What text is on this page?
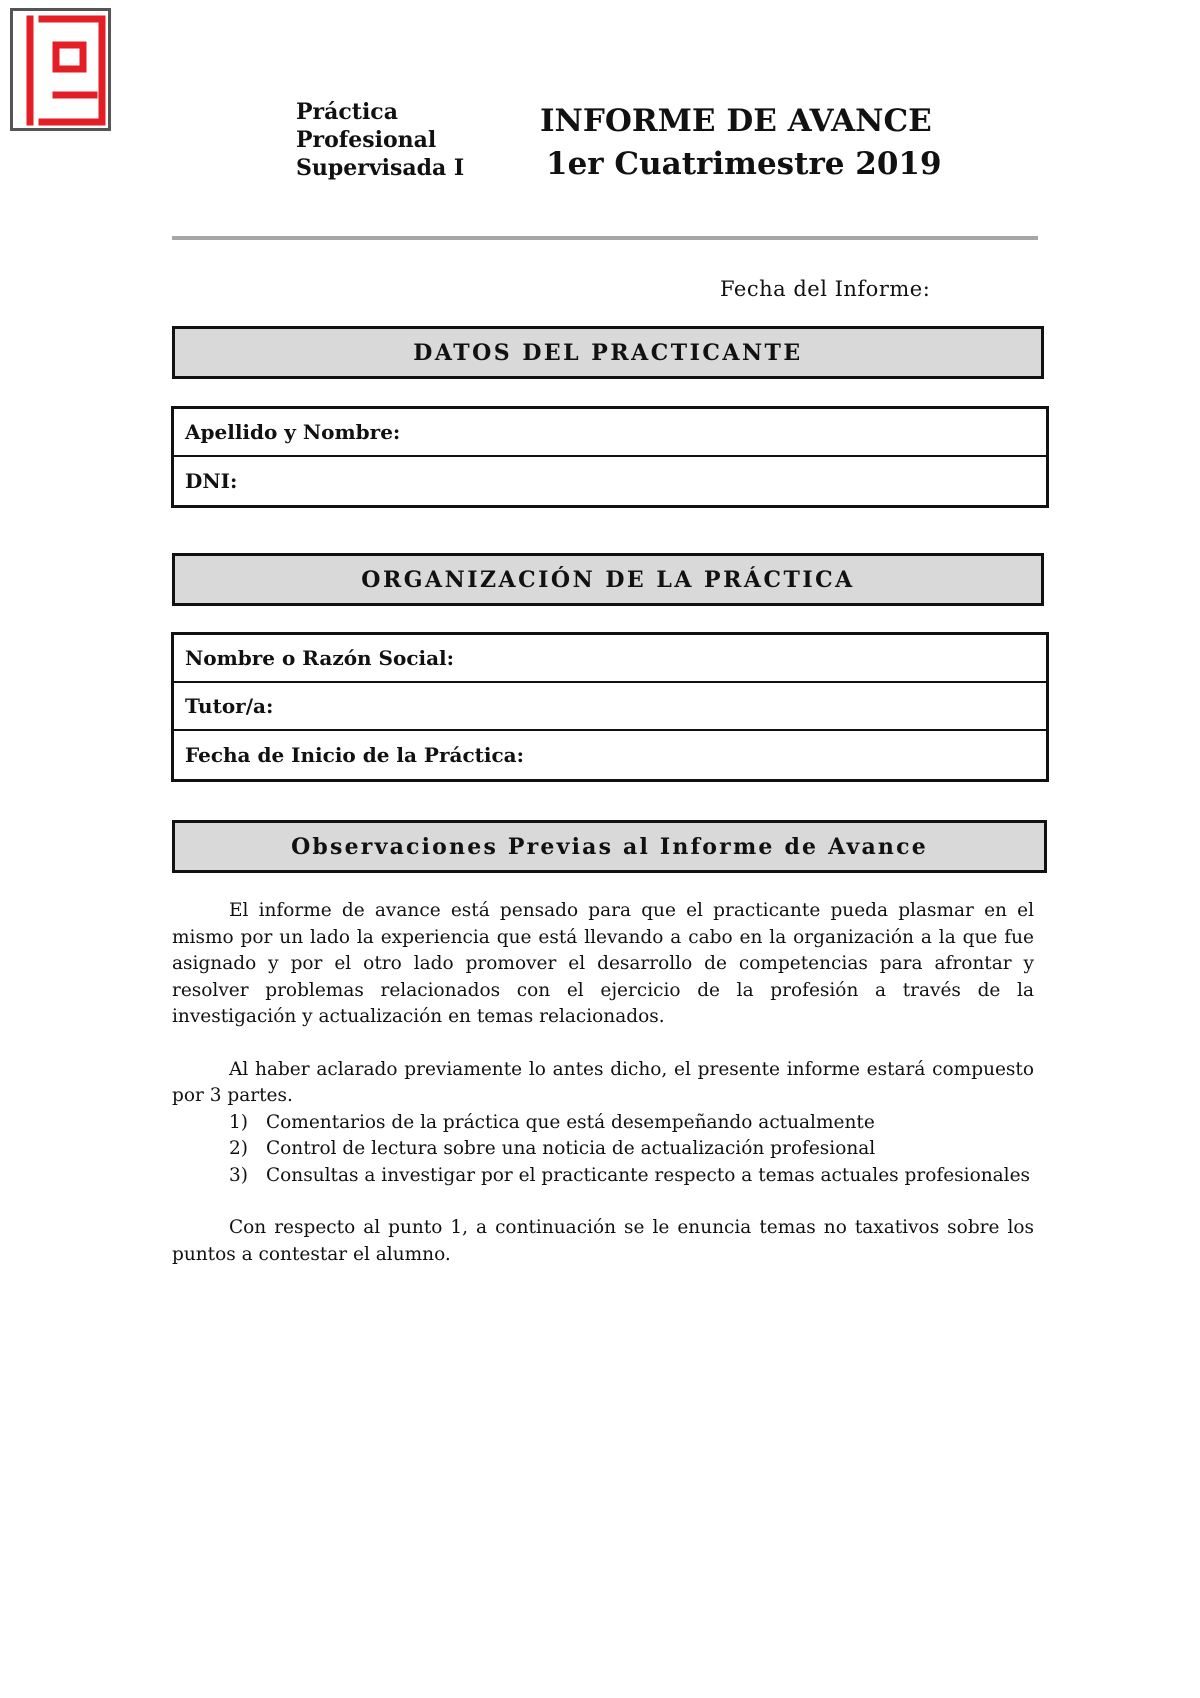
Práctica
Profesional
Supervisada I
INFORME DE AVANCE
1er Cuatrimestre 2019
Fecha del Informe:
DATOS DEL PRACTICANTE
Apellido y Nombre:
DNI:
ORGANIZACIÓN DE LA PRÁCTICA
Nombre o Razón Social:
Tutor/a:
Fecha de Inicio de la Práctica:
Observaciones Previas al Informe de Avance

El informe de avance está pensado para que el practicante pueda plasmar en el mismo por un lado la experiencia que está llevando a cabo en la organización a la que fue asignado y por el otro lado promover el desarrollo de competencias para afrontar y resolver problemas relacionados con el ejercicio de la profesión a través de la investigación y actualización en temas relacionados.

Al haber aclarado previamente lo antes dicho, el presente informe estará compuesto por 3 partes.

1) Comentarios de la práctica que está desempeñando actualmente
2) Control de lectura sobre una noticia de actualización profesional
3) Consultas a investigar por el practicante respecto a temas actuales profesionales

Con respecto al punto 1, a continuación se le enuncia temas no taxativos sobre los puntos a contestar el alumno.
